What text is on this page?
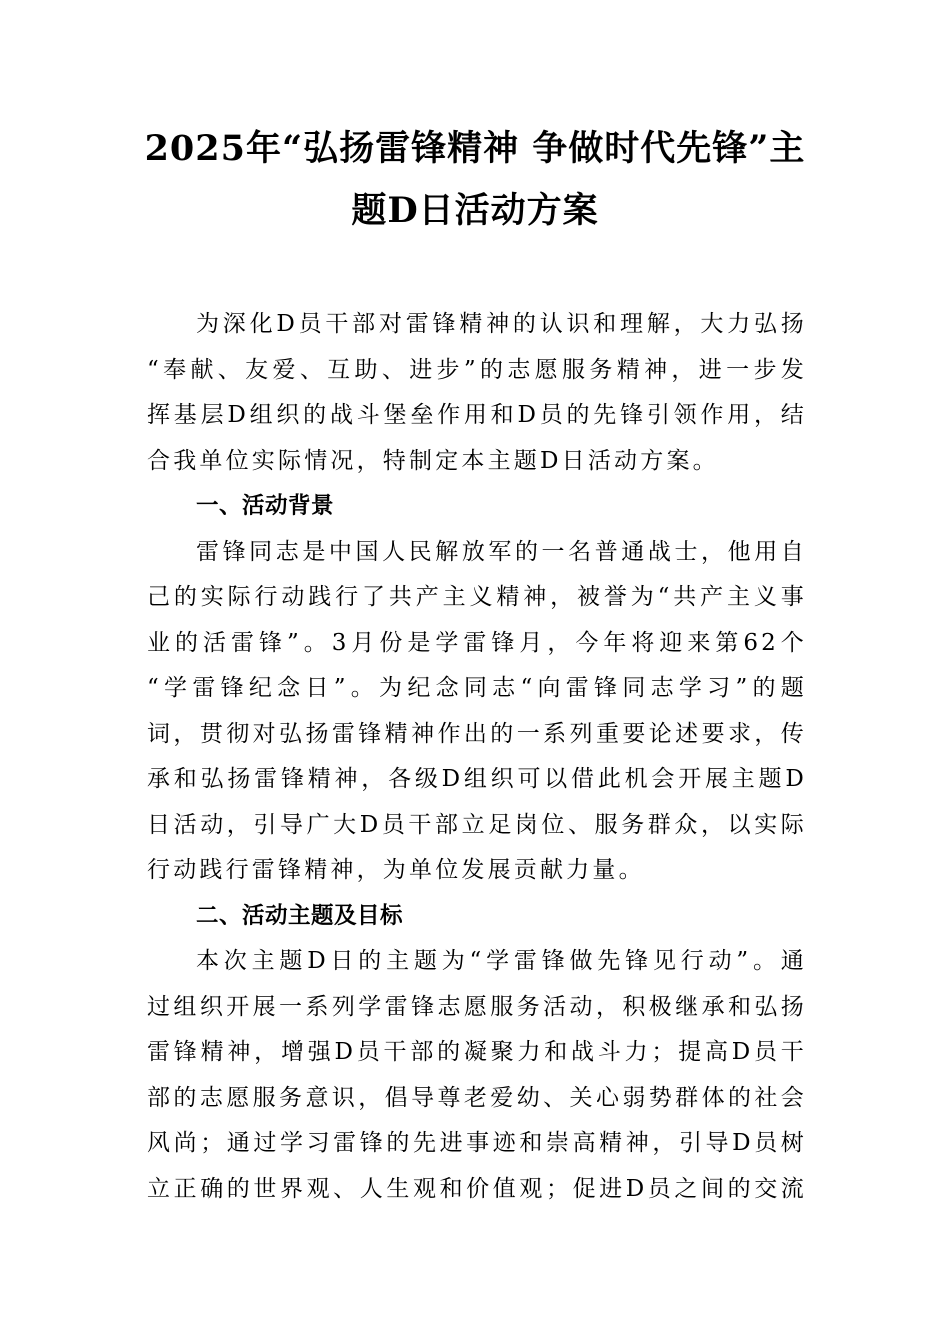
2025年“弘扬雷锋精神 争做时代先锋”主
题D日活动方案

为深化D员干部对雷锋精神的认识和理解，大力弘扬
“奉献、友爱、互助、进步”的志愿服务精神，进一步发
挥基层D组织的战斗堡垒作用和D员的先锋引领作用，结
合我单位实际情况，特制定本主题D日活动方案。

一、活动背景

雷锋同志是中国人民解放军的一名普通战士，他用自
己的实际行动践行了共产主义精神，被誉为“共产主义事
业的活雷锋”。3月份是学雷锋月，今年将迎来第62个
“学雷锋纪念日”。为纪念同志“向雷锋同志学习”的题
词，贯彻对弘扬雷锋精神作出的一系列重要论述要求，传
承和弘扬雷锋精神，各级D组织可以借此机会开展主题D
日活动，引导广大D员干部立足岗位、服务群众，以实际
行动践行雷锋精神，为单位发展贡献力量。

二、活动主题及目标

本次主题D日的主题为“学雷锋做先锋见行动”。通
过组织开展一系列学雷锋志愿服务活动，积极继承和弘扬
雷锋精神，增强D员干部的凝聚力和战斗力；提高D员干
部的志愿服务意识，倡导尊老爱幼、关心弱势群体的社会
风尚；通过学习雷锋的先进事迹和崇高精神，引导D员树
立正确的世界观、人生观和价值观；促进D员之间的交流
